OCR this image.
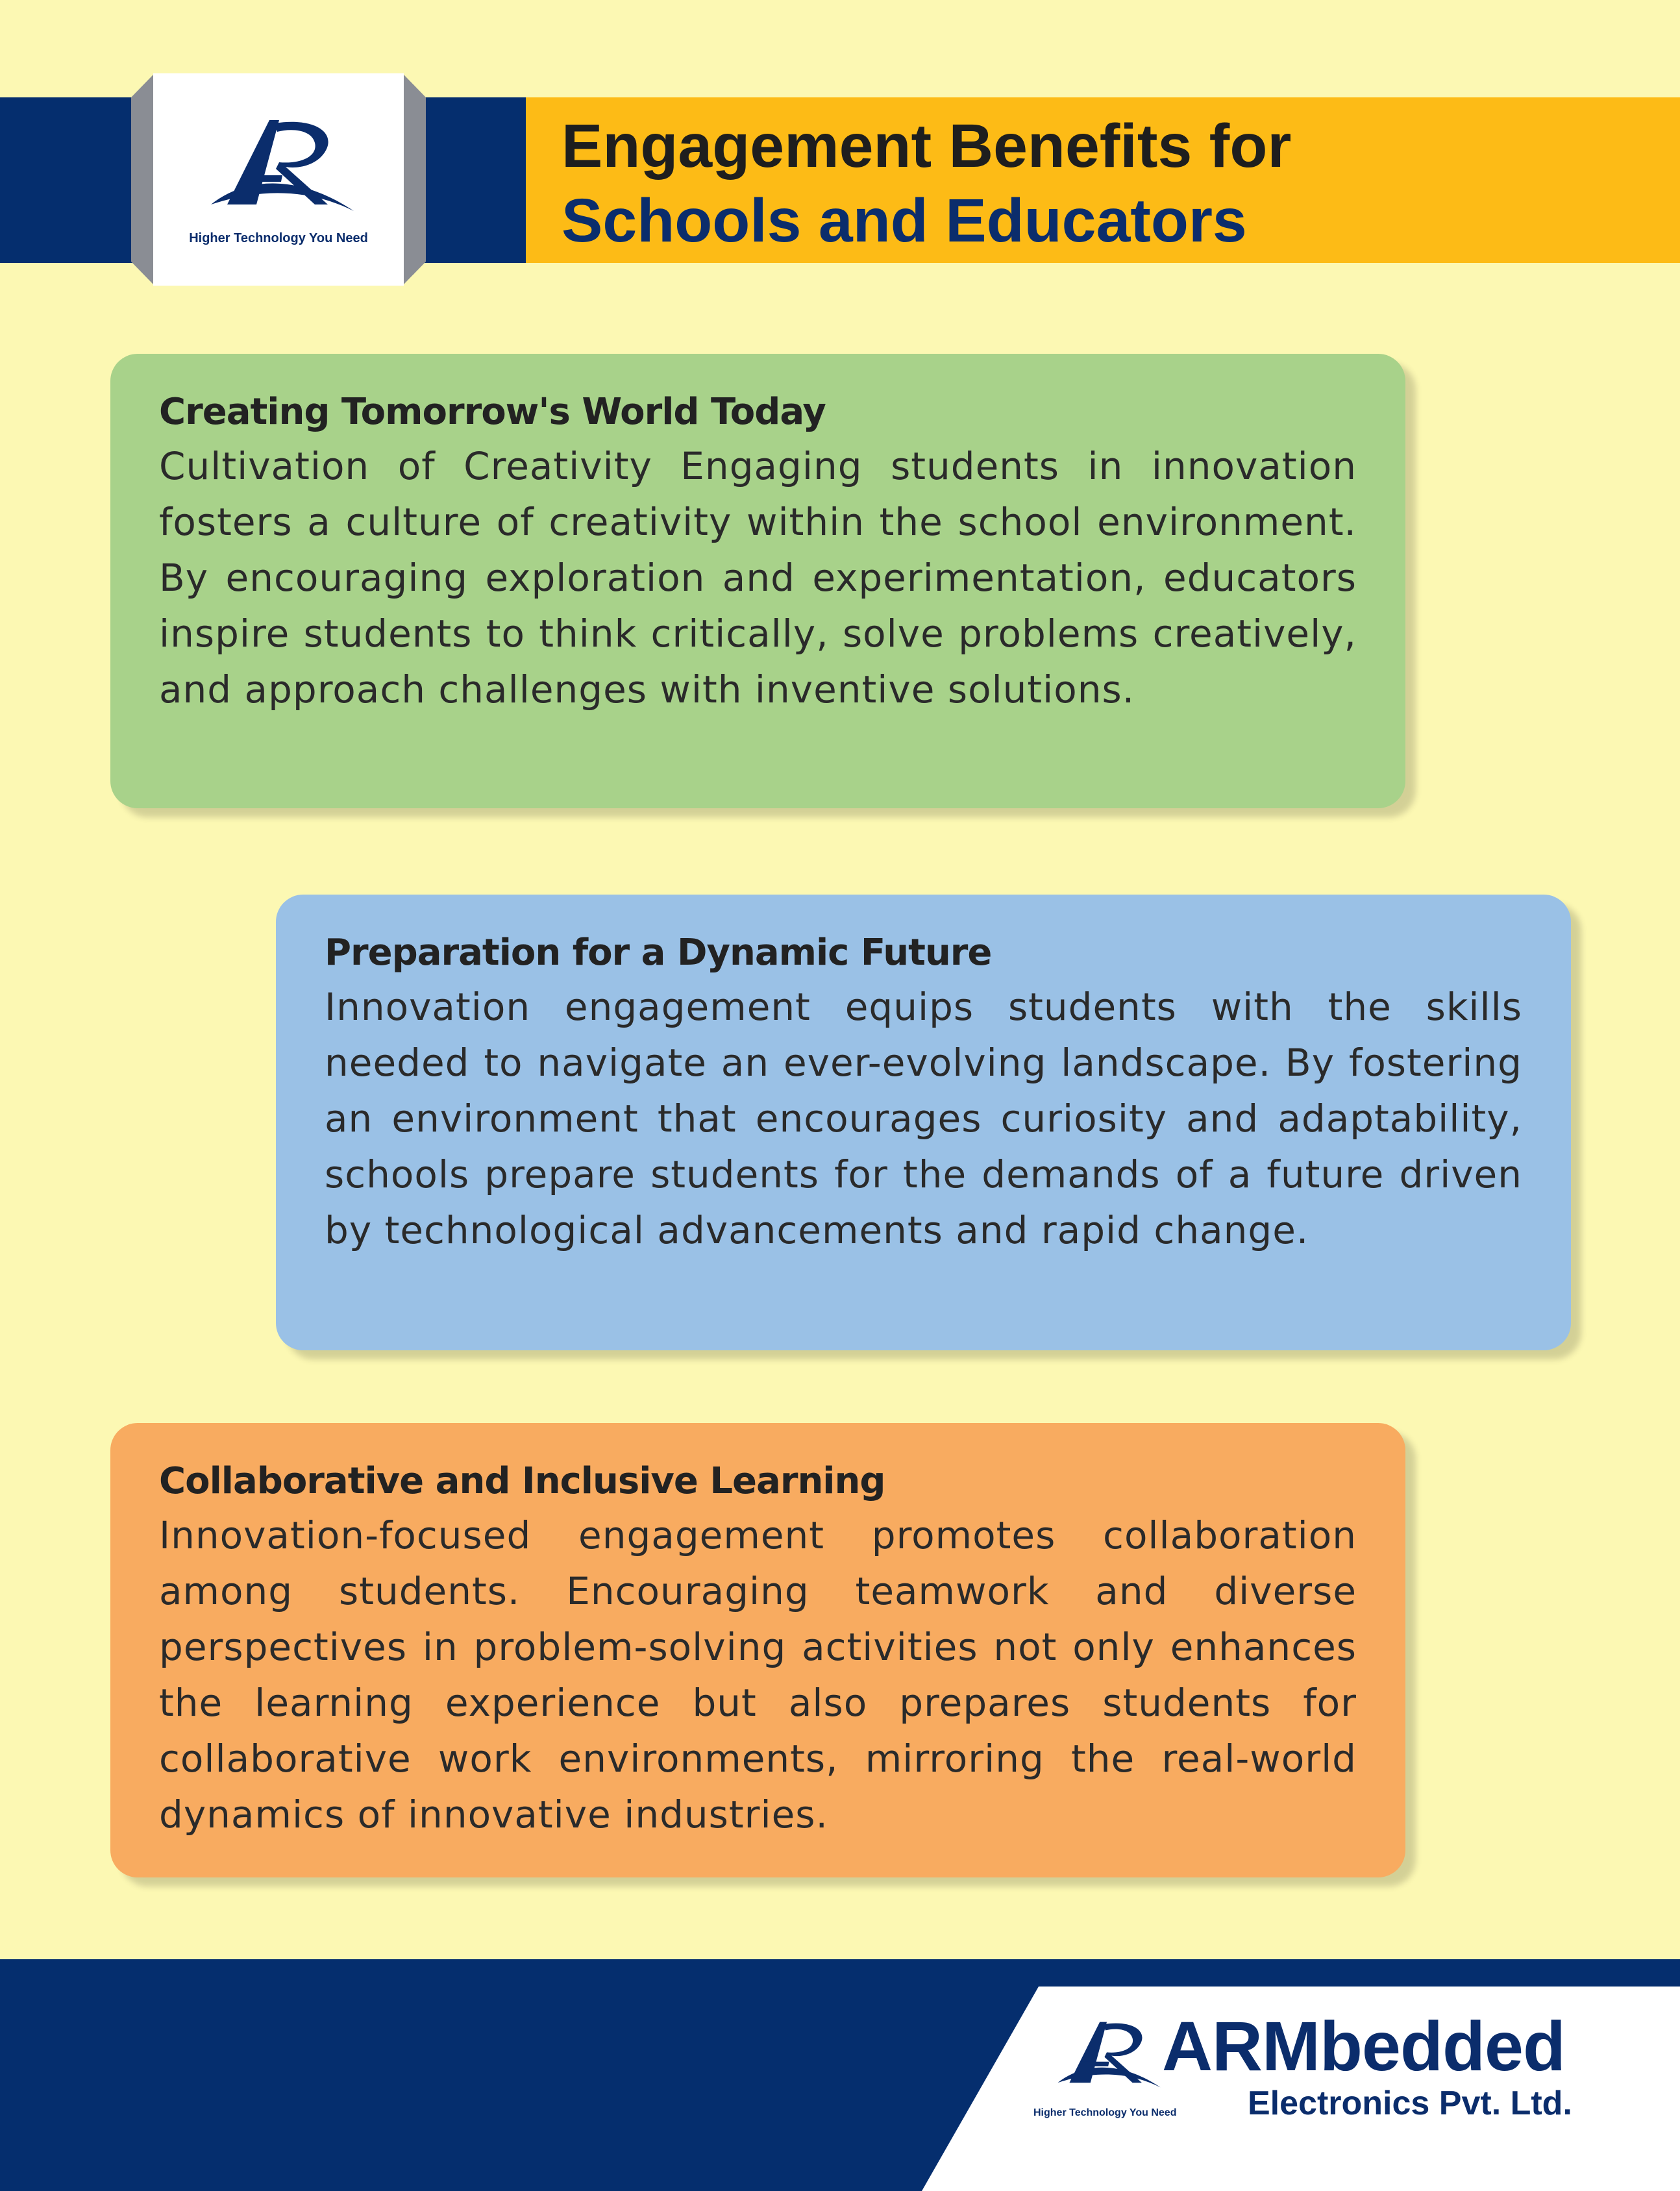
Engagement Benefits for
Schools and Educators
Higher Technology You Need
Creating Tomorrow's World Today

Cultivation of Creativity Engaging students in innovation fosters a culture of creativity within the school environment. By encouraging exploration and experimentation, educators inspire students to think critically, solve problems creatively, and approach challenges with inventive solutions.

Preparation for a Dynamic Future

Innovation engagement equips students with the skills needed to navigate an ever-evolving landscape. By fostering an environment that encourages curiosity and adaptability, schools prepare students for the demands of a future driven by technological advancements and rapid change.

Collaborative and Inclusive Learning

Innovation-focused engagement promotes collaboration among students. Encouraging teamwork and diverse perspectives in problem-solving activities not only enhances the learning experience but also prepares students for collaborative work environments, mirroring the real-world dynamics of innovative industries.

ARMbedded
Electronics Pvt. Ltd.
Higher Technology You Need
